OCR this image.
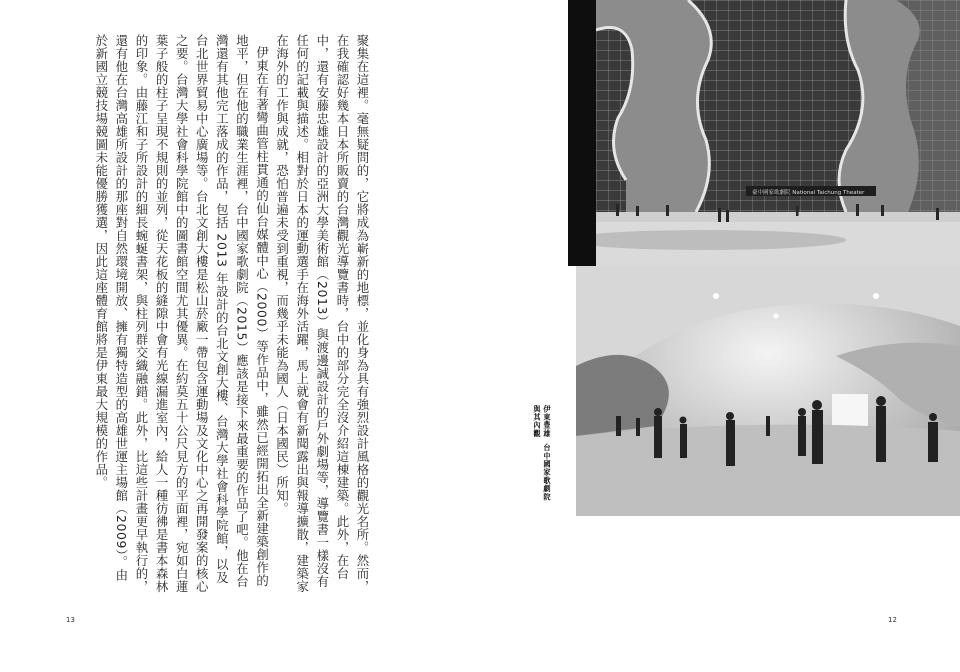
聚集在這裡。毫無疑問的，它將成為嶄新的地標，並化身為具有強烈設計風格的觀光名所。然而，在我確認好幾本日本所販賣的台灣觀光導覽書時，台中的部分完全沒介紹這棟建築。此外，在台中，還有安藤忠雄設計的亞洲大學美術館（2013）與渡邊誠設計的戶外劇場等，導覽書一樣沒有任何的記載與描述。相對於日本的運動選手在海外活躍，馬上就會有新聞露出與報導擴散，建築家在海外的工作與成就，恐怕普遍未受到重視，而幾乎未能為國人（日本國民）所知。

伊東在有著彎曲管柱貫通的仙台媒體中心（2000）等作品中，雖然已經開拓出全新建築創作的地平，但在他的職業生涯裡，台中國家歌劇院（2015）應該是接下來最重要的作品了吧。他在台灣還有其他完工落成的作品，包括 2013 年設計的台北文創大樓、台灣大學社會科學院館，以及台北世界貿易中心廣場等。台北文創大樓是松山菸廠一帶包含運動場及文化中心之再開發案的核心之要。台灣大學社會科學院館中的圖書館空間尤其優異。在約莫五十公尺見方的平面裡，宛如白蓮葉子般的柱子呈現不規則的並列，從天花板的縫隙中會有光線漏進室內，給人一種彷彿是書本森林的印象。由藤江和子所設計的細長蜿蜒書架，與柱列群交織融錯。此外，比這些計畫更早執行的，還有他在台灣高雄所設計的那座對自然環境開放、擁有獨特造型的高雄世運主場館（2009）。由於新國立競技場競圖未能優勝獲選，因此這座體育館將是伊東最大規模的作品。

13
伊東豊雄台中國家歌劇院與其內觀
臺中國家歌劇院 National Taichung Theater
12
